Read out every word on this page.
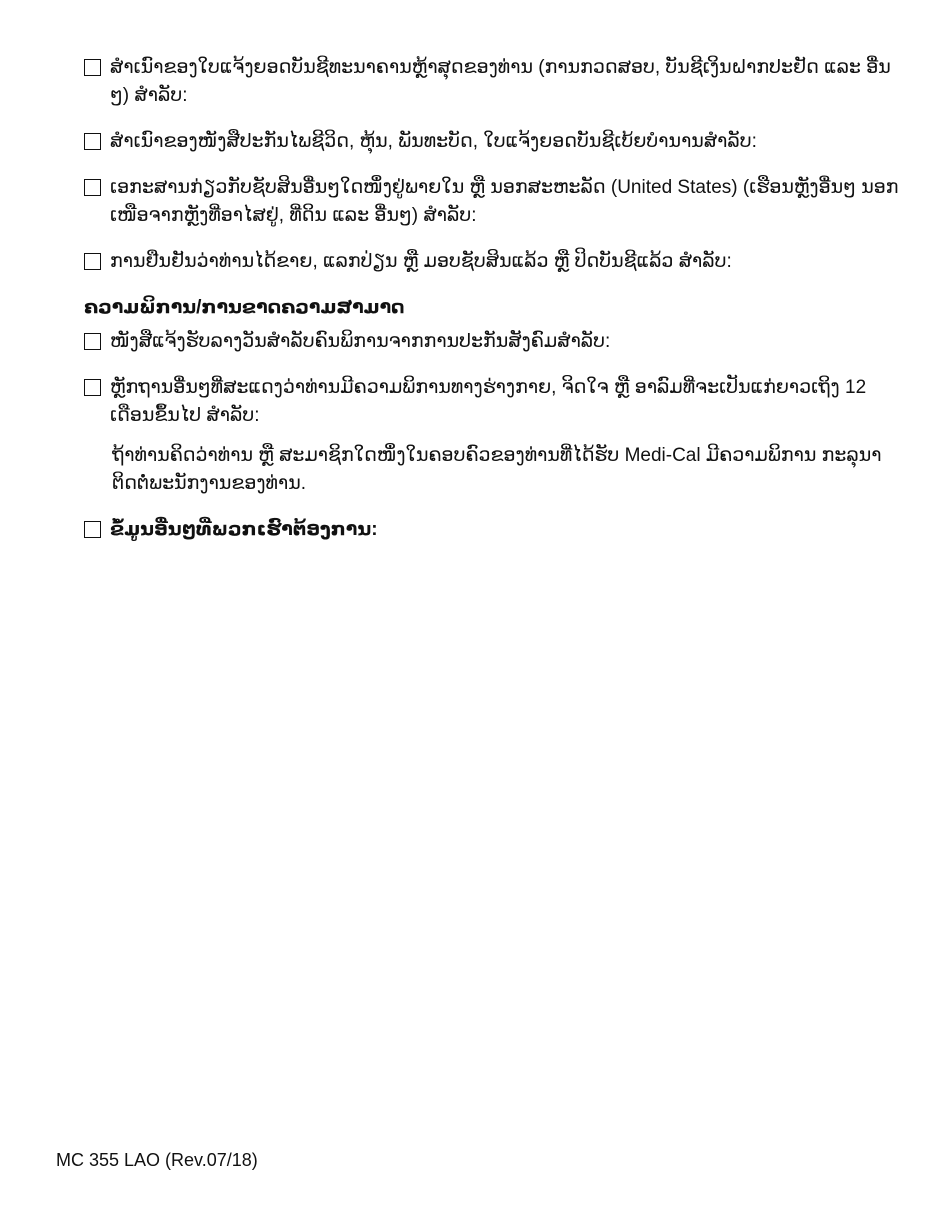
ສຳເນົາຂອງໃບແຈ້ງຍອດບັນຊີທະນາຄານຫຼ້າສຸດຂອງທ່ານ (ການກວດສອບ, ບັນຊີເງິນຝາກປະຢັດ ແລະ ອື່ນໆ) ສຳລັບ:
ສຳເນົາຂອງໜັງສືປະກັນໄພຊີວິດ, ຫຸ້ນ, ພັນທະບັດ, ໃບແຈ້ງຍອດບັນຊີເບ້ຍບຳນານສຳລັບ:
ເອກະສານກ່ຽວກັບຊັບສິນອື່ນໆໃດໜຶ່ງຢູ່ພາຍໃນ ຫຼື ນອກສະຫະລັດ (United States) (ເຮືອນຫຼັງອື່ນໆ ນອກເໜືອຈາກຫຼັງທີ່ອາໄສຢູ່, ທີ່ດິນ ແລະ ອື່ນໆ) ສຳລັບ:
ການຢືນຢັນວ່າທ່ານໄດ້ຂາຍ, ແລກປ່ຽນ ຫຼື ມອບຊັບສິນແລ້ວ ຫຼື ປິດບັນຊີແລ້ວ ສຳລັບ:
ຄວາມພິການ/ການຂາດຄວາມສາມາດ
ໜັງສືແຈ້ງຮັບລາງວັນສຳລັບຄົນພິການຈາກການປະກັນສັງຄົມສຳລັບ:
ຫຼັກຖານອື່ນໆທີ່ສະແດງວ່າທ່ານມີຄວາມພິການທາງຮ່າງກາຍ, ຈິດໃຈ ຫຼື ອາລົມທີ່ຈະເປັນແກ່ຍາວເຖິງ 12 ເດືອນຂຶ້ນໄປ ສຳລັບ:
ຖ້າທ່ານຄິດວ່າທ່ານ ຫຼື ສະມາຊິກໃດໜຶ່ງໃນຄອບຄົວຂອງທ່ານທີ່ໄດ້ຮັບ Medi-Cal ມີຄວາມພິການ ກະລຸນາຕິດຕໍ່ພະນັກງານຂອງທ່ານ.
ຂໍ້ມູນອື່ນໆທີ່ພວກເຮົາຕ້ອງການ:
MC 355 LAO (Rev.07/18)
